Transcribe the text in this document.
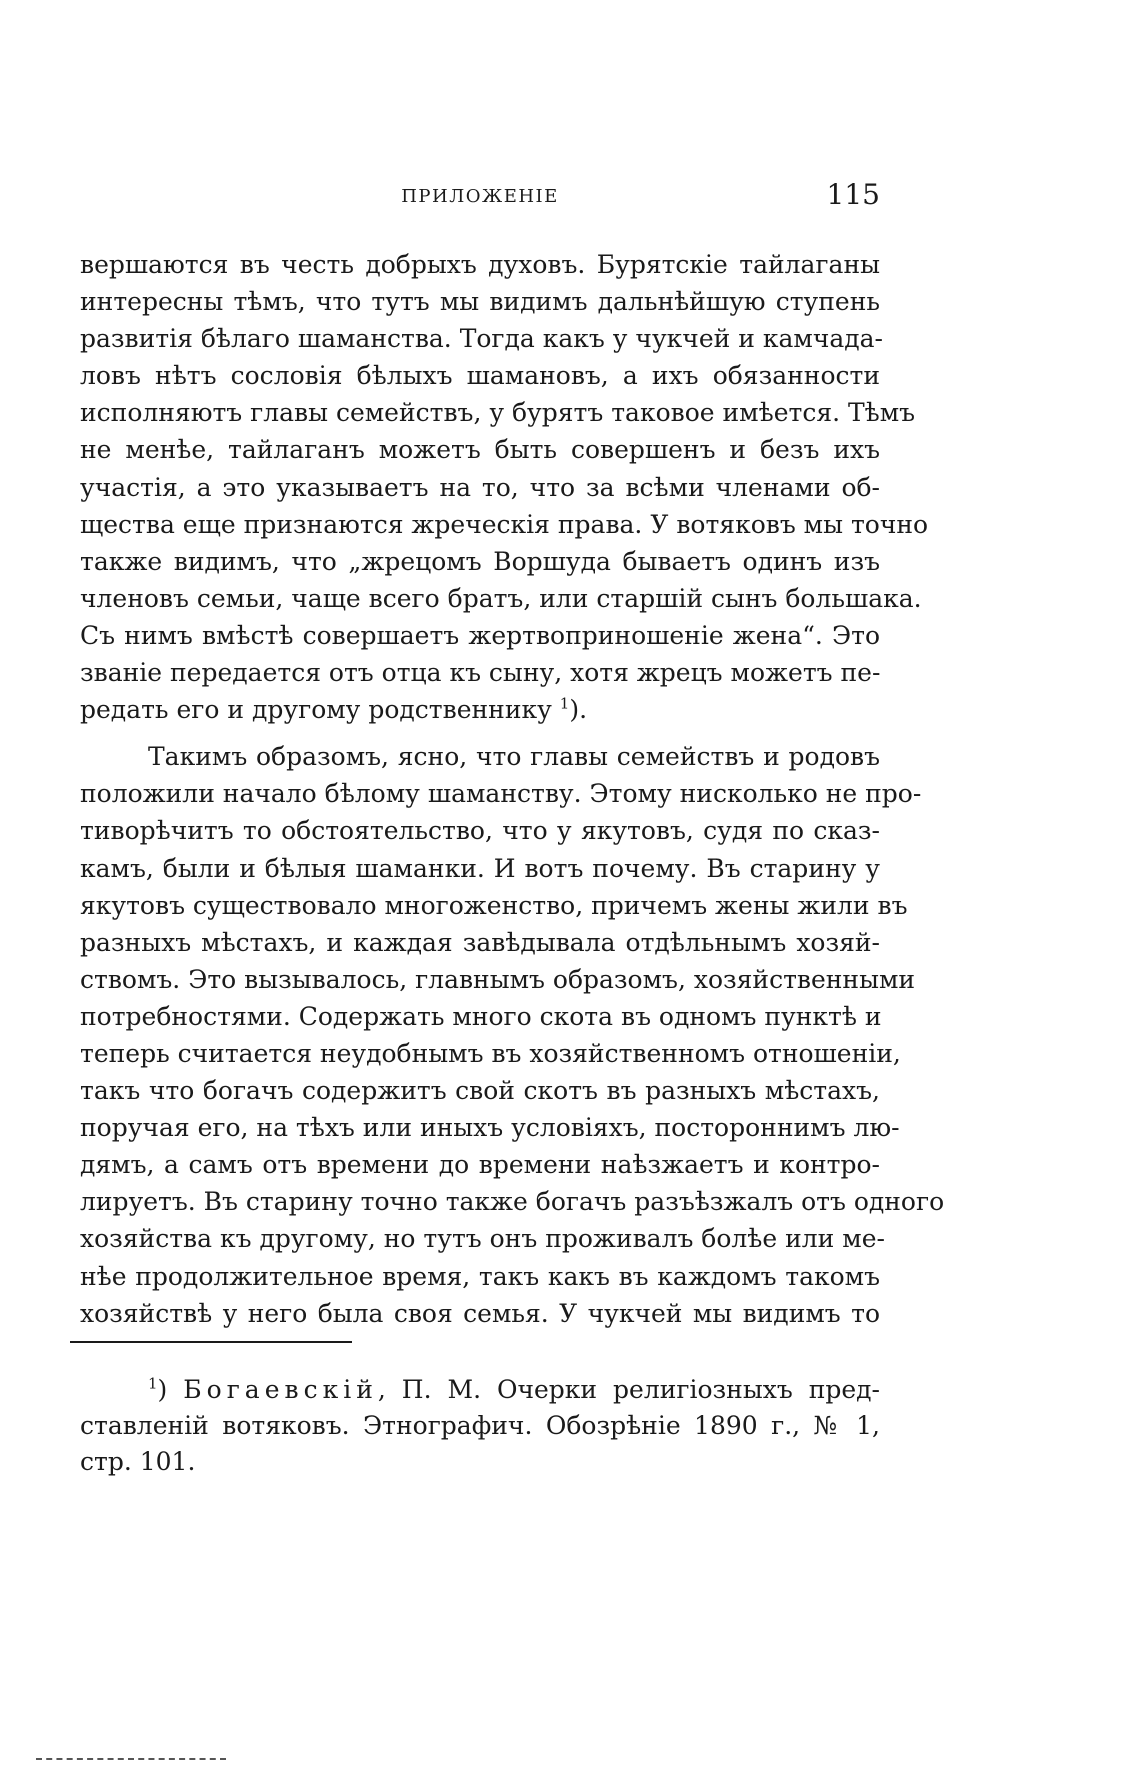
ПРИЛОЖЕНІЕ	115
вершаются въ честь добрыхъ духовъ. Бурятскіе тайлаганы
интересны тѣмъ, что тутъ мы видимъ дальнѣйшую ступень
развитія бѣлаго шаманства. Тогда какъ у чукчей и камчада-
ловъ нѣтъ сословія бѣлыхъ шамановъ, а ихъ обязанности
исполняютъ главы семействъ, у бурятъ таковое имѣется. Тѣмъ
не менѣе, тайлаганъ можетъ быть совершенъ и безъ ихъ
участія, а это указываетъ на то, что за всѣми членами об-
щества еще признаются жреческія права. У вотяковъ мы точно
также видимъ, что „жрецомъ Воршуда бываетъ одинъ изъ
членовъ семьи, чаще всего братъ, или старшій сынъ большака.
Съ нимъ вмѣстѣ совершаетъ жертвоприношеніе жена“. Это
званіе передается отъ отца къ сыну, хотя жрецъ можетъ пе-
редать его и другому родственнику $^1$).
Такимъ образомъ, ясно, что главы семействъ и родовъ
положили начало бѣлому шаманству. Этому нисколько не про-
тиворѣчитъ то обстоятельство, что у якутовъ, судя по сказ-
камъ, были и бѣлыя шаманки. И вотъ почему. Въ старину у
якутовъ существовало многоженство, причемъ жены жили въ
разныхъ мѣстахъ, и каждая завѣдывала отдѣльнымъ хозяй-
ствомъ. Это вызывалось, главнымъ образомъ, хозяйственными
потребностями. Содержать много скота въ одномъ пунктѣ и
теперь считается неудобнымъ въ хозяйственномъ отношеніи,
такъ что богачъ содержитъ свой скотъ въ разныхъ мѣстахъ,
поручая его, на тѣхъ или иныхъ условіяхъ, постороннимъ лю-
дямъ, а самъ отъ времени до времени наѣзжаетъ и контро-
лируетъ. Въ старину точно также богачъ разъѣзжалъ отъ одного
хозяйства къ другому, но тутъ онъ проживалъ болѣе или ме-
нѣе продолжительное время, такъ какъ въ каждомъ такомъ
хозяйствѣ у него была своя семья. У чукчей мы видимъ то
$^1$) Богаевскій, П. М. Очерки религіозныхъ пред-
ставленій вотяковъ. Этнографич. Обозрѣніе 1890 г., № 1,
стр. 101.
